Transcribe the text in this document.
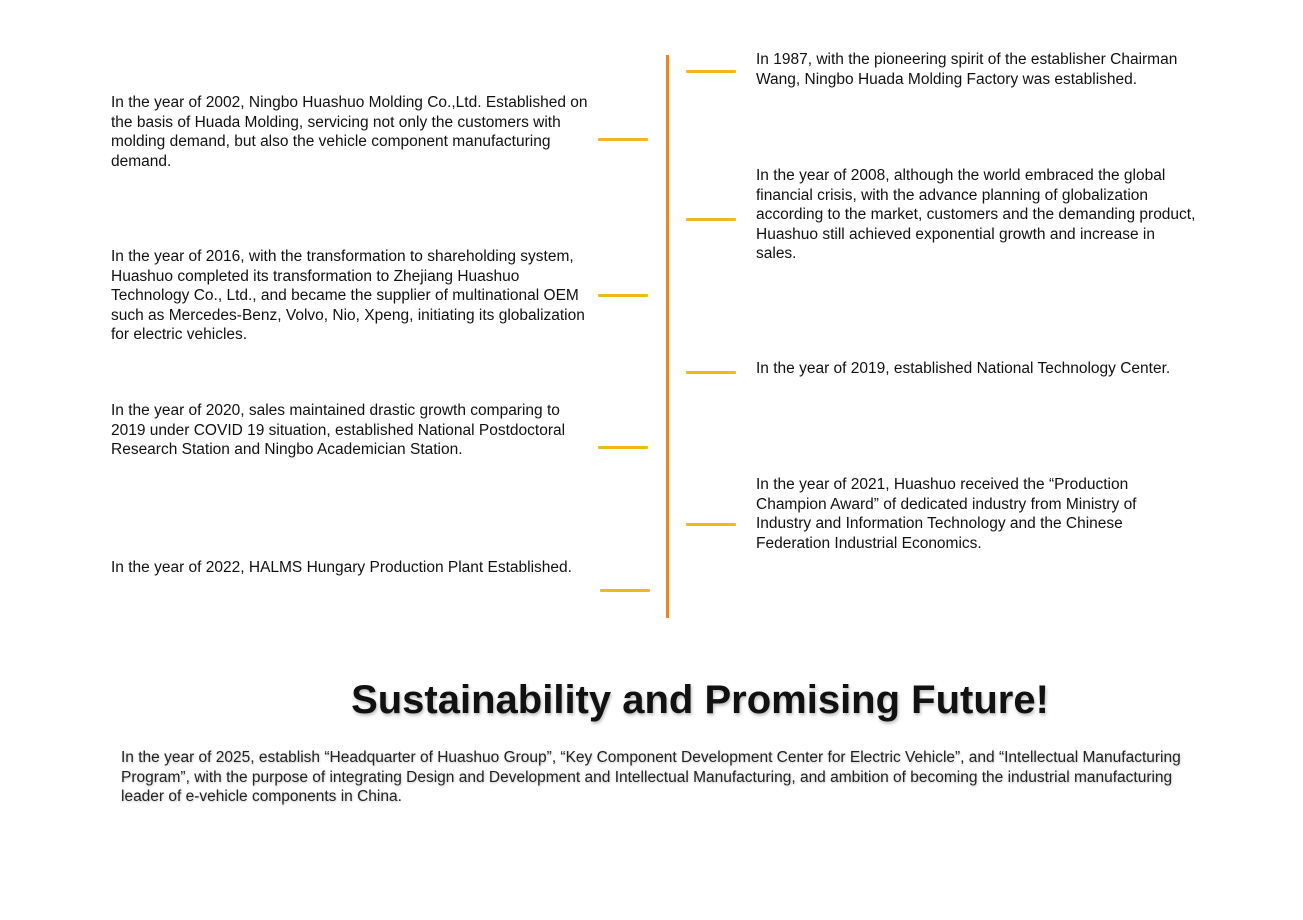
In the year of 2002, Ningbo Huashuo Molding Co.,Ltd. Established on the basis of Huada Molding, servicing not only the customers with molding demand, but also the vehicle component manufacturing demand.

In the year of 2016, with the transformation to shareholding system, Huashuo completed its transformation to Zhejiang Huashuo Technology Co., Ltd., and became the supplier of multinational OEM such as Mercedes-Benz, Volvo, Nio, Xpeng, initiating its globalization for electric vehicles.

In the year of 2020, sales maintained drastic growth comparing to 2019 under COVID 19 situation, established National Postdoctoral Research Station and Ningbo Academician Station.

In the year of 2022, HALMS Hungary Production Plant Established.

In 1987, with the pioneering spirit of the establisher Chairman Wang, Ningbo Huada Molding Factory was established.

In the year of 2008, although the world embraced the global financial crisis, with the advance planning of globalization according to the market, customers and the demanding product, Huashuo still achieved exponential growth and increase in sales.

In the year of 2019, established National Technology Center.

In the year of 2021, Huashuo received the “Production Champion Award” of dedicated industry from Ministry of Industry and Information Technology and the Chinese Federation Industrial Economics.

Sustainability and Promising Future!

In the year of 2025, establish “Headquarter of Huashuo Group”, “Key Component Development Center for Electric Vehicle”, and “Intellectual Manufacturing Program”, with the purpose of integrating Design and Development and Intellectual Manufacturing, and ambition of becoming the industrial manufacturing leader of e-vehicle components in China.
